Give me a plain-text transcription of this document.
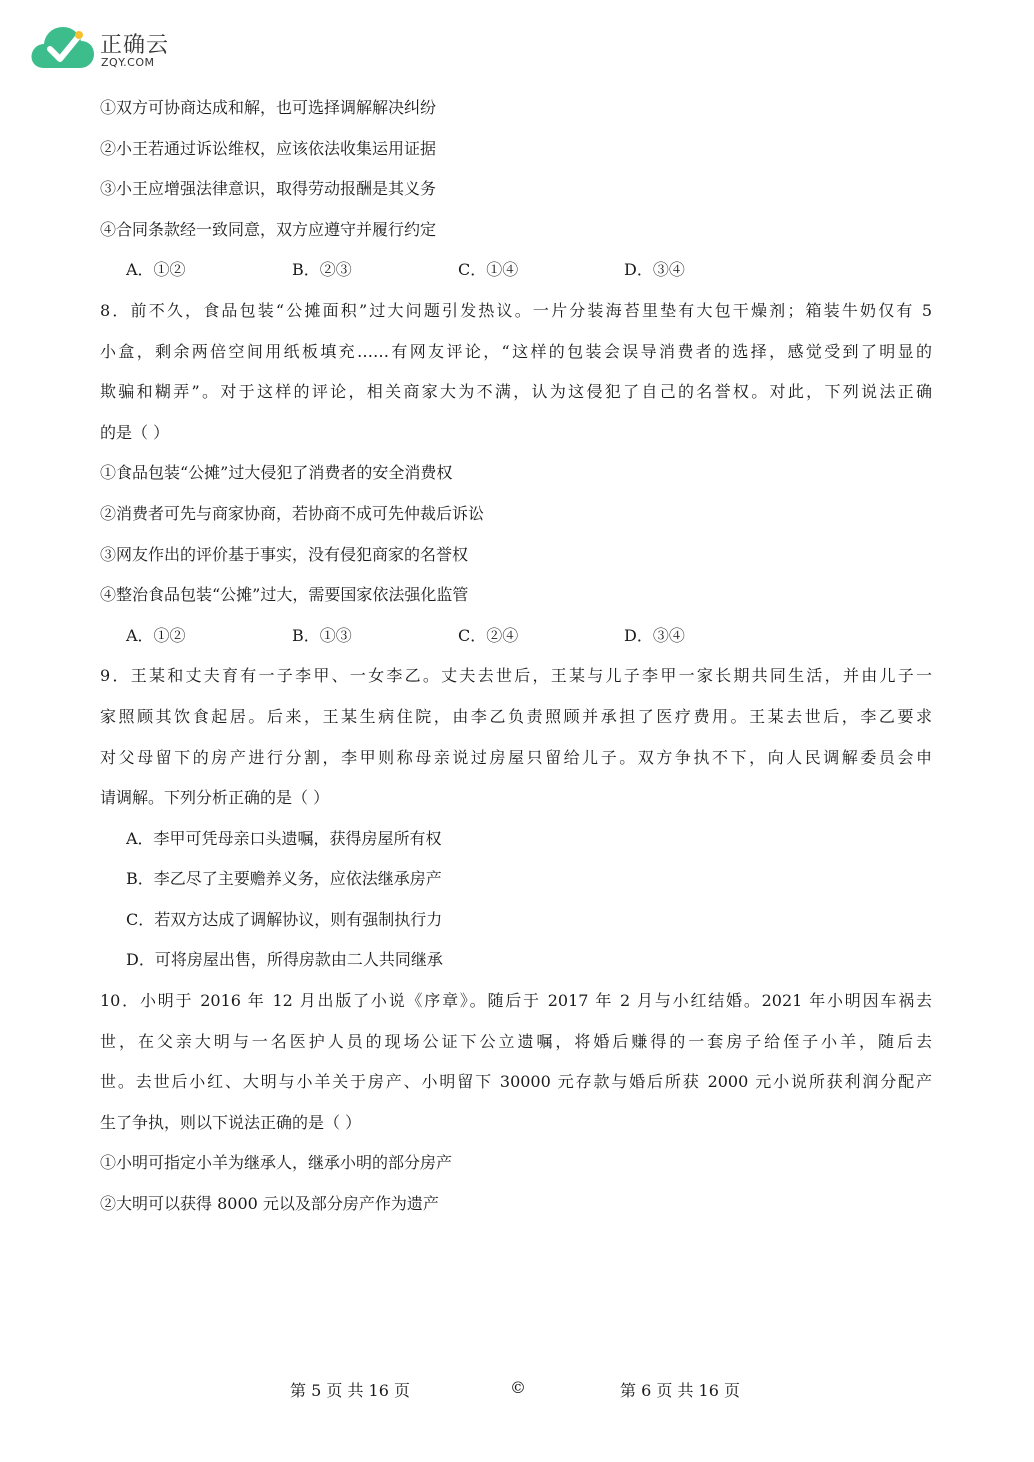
正确云
ZQY.COM
①双方可协商达成和解，也可选择调解解决纠纷
②小王若通过诉讼维权，应该依法收集运用证据
③小王应增强法律意识，取得劳动报酬是其义务
④合同条款经一致同意，双方应遵守并履行约定
A．①②	B．②③	C．①④	D．③④
8．前不久，食品包装“公摊面积”过大问题引发热议。一片分装海苔里垫有大包干燥剂；箱装牛奶仅有 5
小盒，剩余两倍空间用纸板填充……有网友评论，“这样的包装会误导消费者的选择，感觉受到了明显的
欺骗和糊弄”。对于这样的评论，相关商家大为不满，认为这侵犯了自己的名誉权。对此，下列说法正确
的是（ ）
①食品包装“公摊”过大侵犯了消费者的安全消费权
②消费者可先与商家协商，若协商不成可先仲裁后诉讼
③网友作出的评价基于事实，没有侵犯商家的名誉权
④整治食品包装“公摊”过大，需要国家依法强化监管
A．①②	B．①③	C．②④	D．③④
9．王某和丈夫育有一子李甲、一女李乙。丈夫去世后，王某与儿子李甲一家长期共同生活，并由儿子一
家照顾其饮食起居。后来，王某生病住院，由李乙负责照顾并承担了医疗费用。王某去世后，李乙要求
对父母留下的房产进行分割，李甲则称母亲说过房屋只留给儿子。双方争执不下，向人民调解委员会申
请调解。下列分析正确的是（ ）
A．李甲可凭母亲口头遗嘱，获得房屋所有权
B．李乙尽了主要赡养义务，应依法继承房产
C．若双方达成了调解协议，则有强制执行力
D．可将房屋出售，所得房款由二人共同继承
10．小明于 2016 年 12 月出版了小说《序章》。随后于 2017 年 2 月与小红结婚。2021 年小明因车祸去
世，在父亲大明与一名医护人员的现场公证下公立遗嘱，将婚后赚得的一套房子给侄子小羊，随后去
世。去世后小红、大明与小羊关于房产、小明留下 30000 元存款与婚后所获 2000 元小说所获利润分配产
生了争执，则以下说法正确的是（ ）
①小明可指定小羊为继承人，继承小明的部分房产
②大明可以获得 8000 元以及部分房产作为遗产
第 5 页 共 16 页	©	第 6 页 共 16 页
